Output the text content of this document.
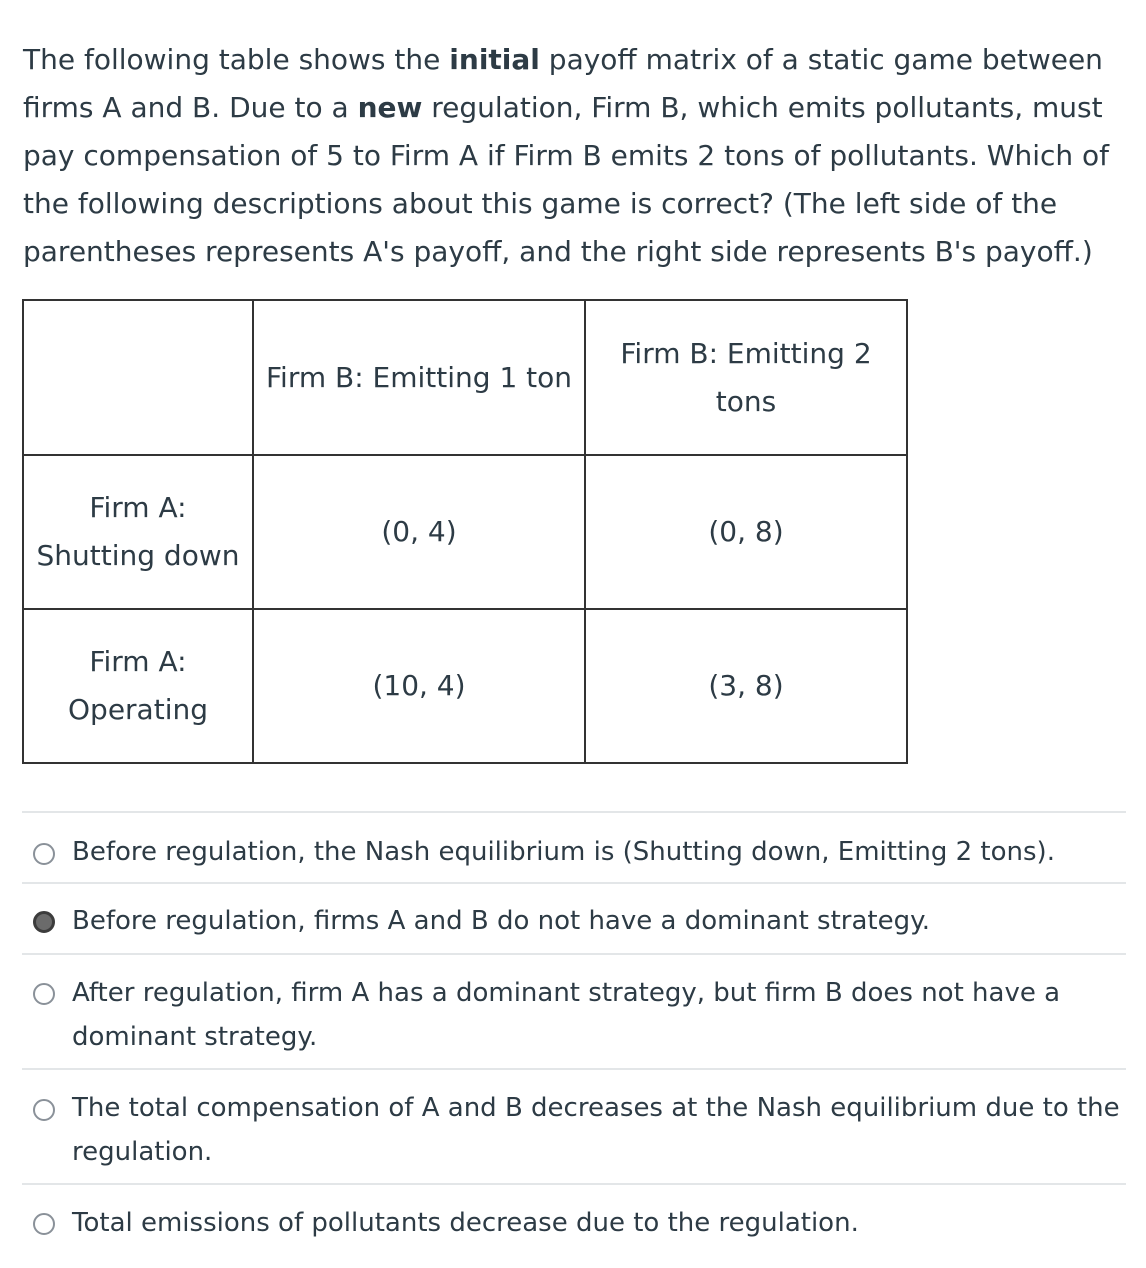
The following table shows the initial payoff matrix of a static game between firms A and B. Due to a new regulation, Firm B, which emits pollutants, must pay compensation of 5 to Firm A if Firm B emits 2 tons of pollutants. Which of the following descriptions about this game is correct? (The left side of the parentheses represents A's payoff, and the right side represents B's payoff.)
	Firm B: Emitting 1 ton	Firm B: Emitting 2 tons

Firm A:
Shutting down	(0, 4)	(0, 8)

Firm A:
Operating	(10, 4)	(3, 8)
Before regulation, the Nash equilibrium is (Shutting down, Emitting 2 tons).
Before regulation, firms A and B do not have a dominant strategy.
After regulation, firm A has a dominant strategy, but firm B does not have a dominant strategy.
The total compensation of A and B decreases at the Nash equilibrium due to the regulation.
Total emissions of pollutants decrease due to the regulation.
